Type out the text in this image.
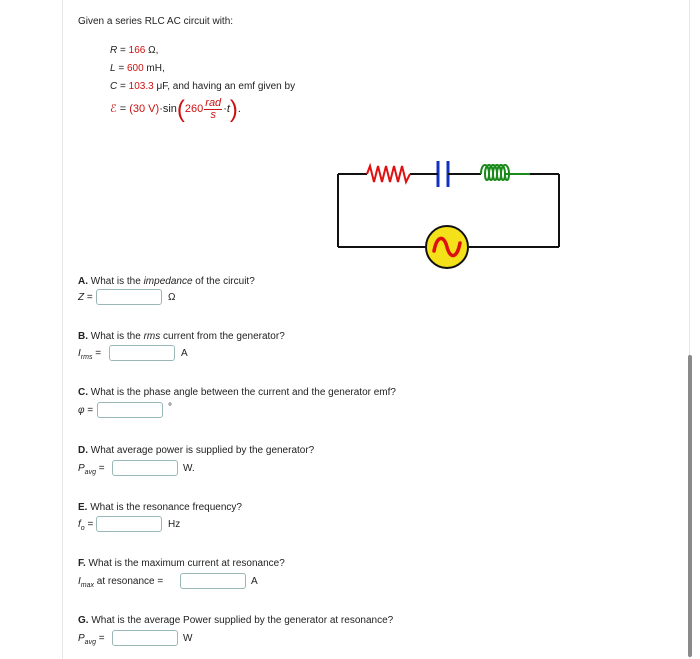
Given a series RLC AC circuit with:
R = 166 Ω,
L = 600 mH,
C = 103.3 μF, and having an emf given by
ℰ = (30 $V)\cdot\sin(260 \frac{\text{rad}}{s} \cdot t)$.
A. What is the impedance of the circuit?
Z =	Ω
B. What is the rms current from the generator?
$I_{rms}$ =	A
C. What is the phase angle between the current and the generator emf?
φ =	°
D. What average power is supplied by the generator?
$P_{avg}$ =	W.
E. What is the resonance frequency?
$f_o$ =	Hz
F. What is the maximum current at resonance?
$I_{max}$ at resonance =	A
G. What is the average Power supplied by the generator at resonance?
$P_{avg}$ =	W
